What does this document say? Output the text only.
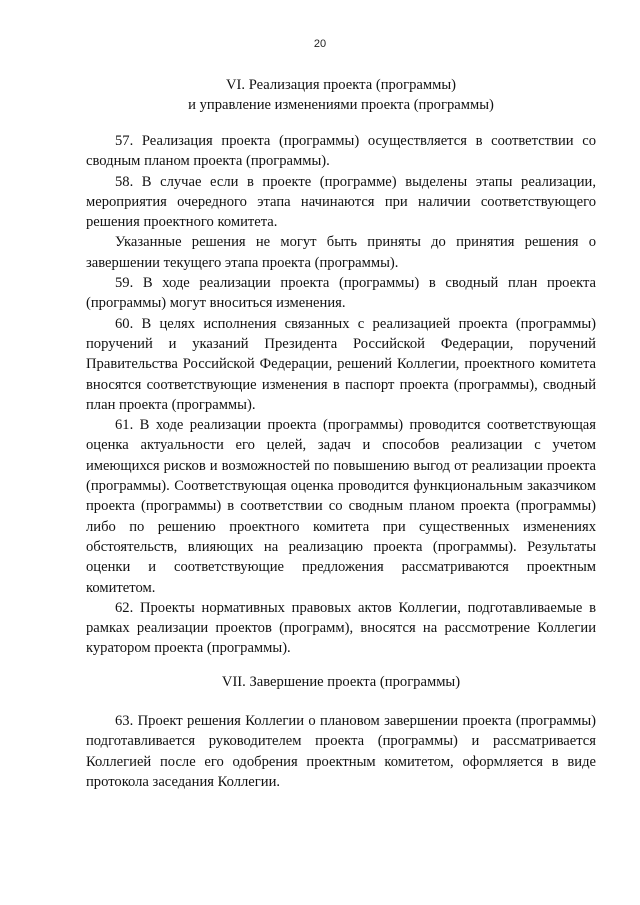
20
VI. Реализация проекта (программы)
и управление изменениями проекта (программы)

57. Реализация проекта (программы) осуществляется в соответствии со сводным планом проекта (программы).

58. В случае если в проекте (программе) выделены этапы реализации, мероприятия очередного этапа начинаются при наличии соответствующего решения проектного комитета.

Указанные решения не могут быть приняты до принятия решения о завершении текущего этапа проекта (программы).

59. В ходе реализации проекта (программы) в сводный план проекта (программы) могут вноситься изменения.

60. В целях исполнения связанных с реализацией проекта (программы) поручений и указаний Президента Российской Федерации, поручений Правительства Российской Федерации, решений Коллегии, проектного комитета вносятся соответствующие изменения в паспорт проекта (программы), сводный план проекта (программы).

61. В ходе реализации проекта (программы) проводится соответствующая оценка актуальности его целей, задач и способов реализации с учетом имеющихся рисков и возможностей по повышению выгод от реализации проекта (программы). Соответствующая оценка проводится функциональным заказчиком проекта (программы) в соответствии со сводным планом проекта (программы) либо по решению проектного комитета при существенных изменениях обстоятельств, влияющих на реализацию проекта (программы). Результаты оценки и соответствующие предложения рассматриваются проектным комитетом.

62. Проекты нормативных правовых актов Коллегии, подготавливаемые в рамках реализации проектов (программ), вносятся на рассмотрение Коллегии куратором проекта (программы).

VII. Завершение проекта (программы)

63. Проект решения Коллегии о плановом завершении проекта (программы) подготавливается руководителем проекта (программы) и рассматривается Коллегией после его одобрения проектным комитетом, оформляется в виде протокола заседания Коллегии.
